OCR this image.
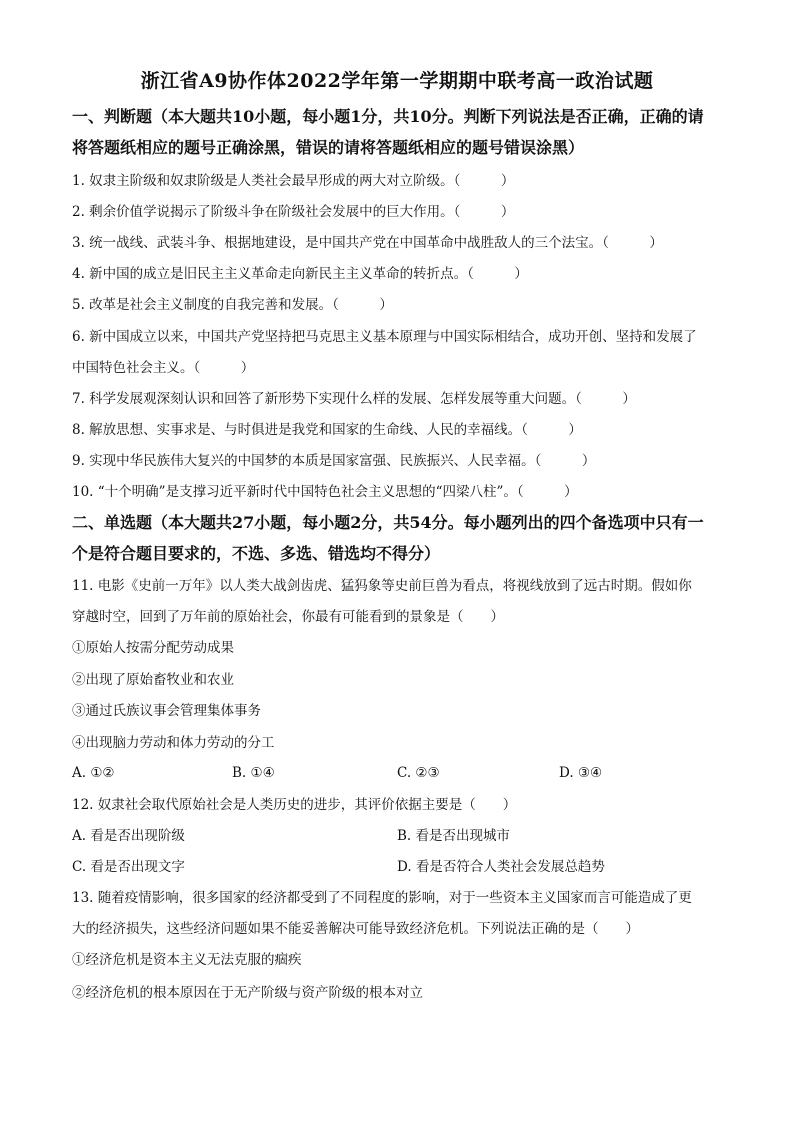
浙江省A9协作体2022学年第一学期期中联考高一政治试题
一、判断题（本大题共10小题，每小题1分，共10分。判断下列说法是否正确，正确的请
将答题纸相应的题号正确涂黑，错误的请将答题纸相应的题号错误涂黑）
1. 奴隶主阶级和奴隶阶级是人类社会最早形成的两大对立阶级。（　　　）
2. 剩余价值学说揭示了阶级斗争在阶级社会发展中的巨大作用。（　　　）
3. 统一战线、武装斗争、根据地建设，是中国共产党在中国革命中战胜敌人的三个法宝。（　　　）
4. 新中国的成立是旧民主主义革命走向新民主主义革命的转折点。（　　　）
5. 改革是社会主义制度的自我完善和发展。（　　　）
6. 新中国成立以来，中国共产党坚持把马克思主义基本原理与中国实际相结合，成功开创、坚持和发展了
中国特色社会主义。（　　　）
7. 科学发展观深刻认识和回答了新形势下实现什么样的发展、怎样发展等重大问题。（　　　）
8. 解放思想、实事求是、与时俱进是我党和国家的生命线、人民的幸福线。（　　　）
9. 实现中华民族伟大复兴的中国梦的本质是国家富强、民族振兴、人民幸福。（　　　）
10. “十个明确”是支撑习近平新时代中国特色社会主义思想的“四梁八柱”。（　　　）
二、单选题（本大题共27小题，每小题2分，共54分。每小题列出的四个备选项中只有一
个是符合题目要求的，不选、多选、错选均不得分）
11. 电影《史前一万年》以人类大战剑齿虎、猛犸象等史前巨兽为看点，将视线放到了远古时期。假如你
穿越时空，回到了万年前的原始社会，你最有可能看到的景象是（　　）
①原始人按需分配劳动成果
②出现了原始畜牧业和农业
③通过氏族议事会管理集体事务
④出现脑力劳动和体力劳动的分工
A. ①②	B. ①④	C. ②③	D. ③④
12. 奴隶社会取代原始社会是人类历史的进步，其评价依据主要是（　　）
A. 看是否出现阶级	B. 看是否出现城市
C. 看是否出现文字	D. 看是否符合人类社会发展总趋势
13. 随着疫情影响，很多国家的经济都受到了不同程度的影响，对于一些资本主义国家而言可能造成了更
大的经济损失，这些经济问题如果不能妥善解决可能导致经济危机。下列说法正确的是（　　）
①经济危机是资本主义无法克服的痼疾
②经济危机的根本原因在于无产阶级与资产阶级的根本对立
